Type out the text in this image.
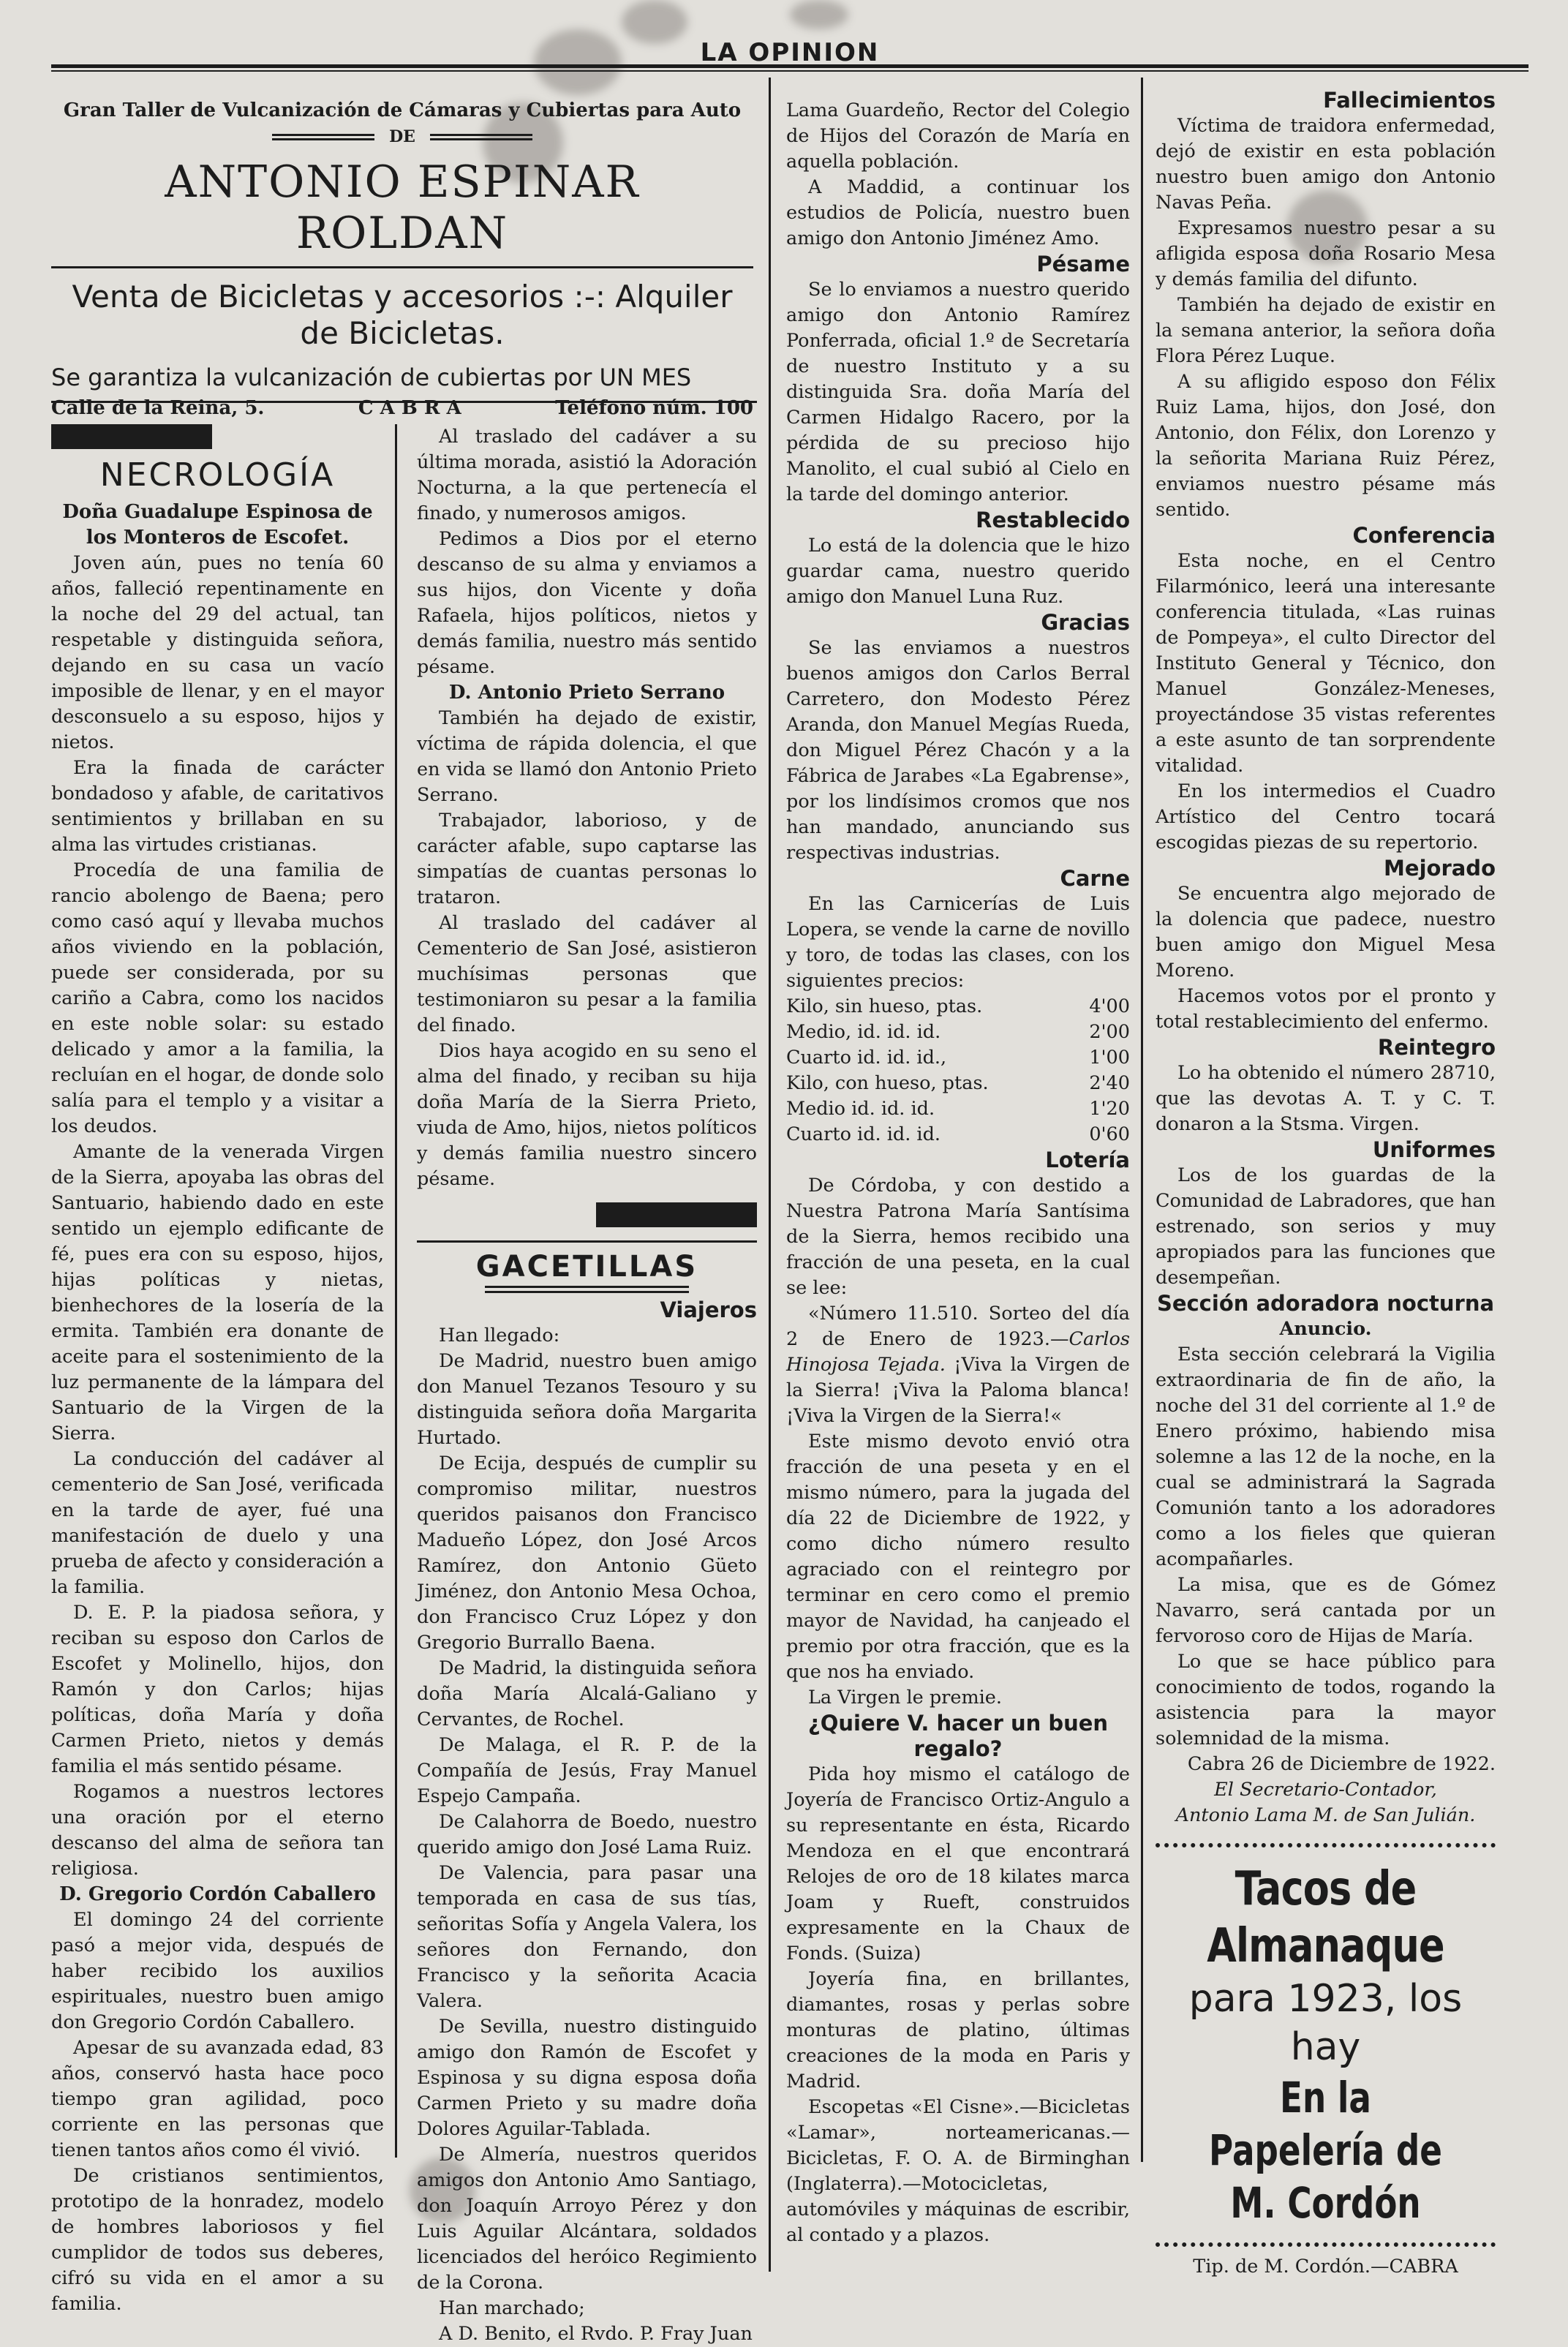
LA OPINION
Gran Taller de Vulcanización de Cámaras y Cubiertas para Auto
DE
ANTONIO ESPINAR ROLDAN
Venta de Bicicletas y accesorios :-: Alquiler de Bicicletas.
Se garantiza la vulcanización de cubiertas por UN MES
Calle de la Reina, 5.	C A B R A	Teléfono núm. 100
NECROLOGÍA

Doña Guadalupe Espinosa de los Monteros de Escofet.

Joven aún, pues no tenía 60 años, falleció repentinamente en la noche del 29 del actual, tan respetable y distinguida señora, dejando en su casa un vacío imposible de llenar, y en el mayor desconsuelo a su esposo, hijos y nietos.

Era la finada de carácter bondadoso y afable, de caritativos sentimientos y brillaban en su alma las virtudes cristianas.

Procedía de una familia de rancio abolengo de Baena; pero como casó aquí y llevaba muchos años viviendo en la población, puede ser considerada, por su cariño a Cabra, como los nacidos en este noble solar: su estado delicado y amor a la familia, la recluían en el hogar, de donde solo salía para el templo y a visitar a los deudos.

Amante de la venerada Virgen de la Sierra, apoyaba las obras del Santuario, habiendo dado en este sentido un ejemplo edificante de fé, pues era con su esposo, hijos, hijas políticas y nietas, bienhechores de la losería de la ermita. También era donante de aceite para el sostenimiento de la luz permanente de la lámpara del Santuario de la Virgen de la Sierra.

La conducción del cadáver al cementerio de San José, verificada en la tarde de ayer, fué una manifestación de duelo y una prueba de afecto y consideración a la familia.

D. E. P. la piadosa señora, y reciban su esposo don Carlos de Escofet y Molinello, hijos, don Ramón y don Carlos; hijas políticas, doña María y doña Carmen Prieto, nietos y demás familia el más sentido pésame.

Rogamos a nuestros lectores una oración por el eterno descanso del alma de señora tan religiosa.

D. Gregorio Cordón Caballero

El domingo 24 del corriente pasó a mejor vida, después de haber recibido los auxilios espirituales, nuestro buen amigo don Gregorio Cordón Caballero.

Apesar de su avanzada edad, 83 años, conservó hasta hace poco tiempo gran agilidad, poco corriente en las personas que tienen tantos años como él vivió.

De cristianos sentimientos, prototipo de la honradez, modelo de hombres laboriosos y fiel cumplidor de todos sus deberes, cifró su vida en el amor a su familia.

Al traslado del cadáver a su última morada, asistió la Adoración Nocturna, a la que pertenecía el finado, y numerosos amigos.

Pedimos a Dios por el eterno descanso de su alma y enviamos a sus hijos, don Vicente y doña Rafaela, hijos políticos, nietos y demás familia, nuestro más sentido pésame.

D. Antonio Prieto Serrano

También ha dejado de existir, víctima de rápida dolencia, el que en vida se llamó don Antonio Prieto Serrano.

Trabajador, laborioso, y de carácter afable, supo captarse las simpatías de cuantas personas lo trataron.

Al traslado del cadáver al Cementerio de San José, asistieron muchísimas personas que testimoniaron su pesar a la familia del finado.

Dios haya acogido en su seno el alma del finado, y reciban su hija doña María de la Sierra Prieto, viuda de Amo, hijos, nietos políticos y demás familia nuestro sincero pésame.

GACETILLAS

Viajeros

Han llegado:

De Madrid, nuestro buen amigo don Manuel Tezanos Tesouro y su distinguida señora doña Margarita Hurtado.

De Ecija, después de cumplir su compromiso militar, nuestros queridos paisanos don Francisco Madueño López, don José Arcos Ramírez, don Antonio Güeto Jiménez, don Antonio Mesa Ochoa, don Francisco Cruz López y don Gregorio Burrallo Baena.

De Madrid, la distinguida señora doña María Alcalá-Galiano y Cervantes, de Rochel.

De Malaga, el R. P. de la Compañía de Jesús, Fray Manuel Espejo Campaña.

De Calahorra de Boedo, nuestro querido amigo don José Lama Ruiz.

De Valencia, para pasar una temporada en casa de sus tías, señoritas Sofía y Angela Valera, los señores don Fernando, don Francisco y la señorita Acacia Valera.

De Sevilla, nuestro distinguido amigo don Ramón de Escofet y Espinosa y su digna esposa doña Carmen Prieto y su madre doña Dolores Aguilar-Tablada.

De Almería, nuestros queridos amigos don Antonio Amo Santiago, don Joaquín Arroyo Pérez y don Luis Aguilar Alcántara, soldados licenciados del heróico Regimiento de la Corona.

Han marchado;

A D. Benito, el Rvdo. P. Fray Juan

Lama Guardeño, Rector del Colegio de Hijos del Corazón de María en aquella población.

A Maddid, a continuar los estudios de Policía, nuestro buen amigo don Antonio Jiménez Amo.

Pésame

Se lo enviamos a nuestro querido amigo don Antonio Ramírez Ponferrada, oficial 1.º de Secretaría de nuestro Instituto y a su distinguida Sra. doña María del Carmen Hidalgo Racero, por la pérdida de su precioso hijo Manolito, el cual subió al Cielo en la tarde del domingo anterior.

Restablecido

Lo está de la dolencia que le hizo guardar cama, nuestro querido amigo don Manuel Luna Ruz.

Gracias

Se las enviamos a nuestros buenos amigos don Carlos Berral Carretero, don Modesto Pérez Aranda, don Manuel Megías Rueda, don Miguel Pérez Chacón y a la Fábrica de Jarabes «La Egabrense», por los lindísimos cromos que nos han mandado, anunciando sus respectivas industrias.

Carne

En las Carnicerías de Luis Lopera, se vende la carne de novillo y toro, de todas las clases, con los siguientes precios:

Kilo, sin hueso, ptas.	4'00
Medio, id. id. id.	2'00
Cuarto id. id. id.,	1'00
Kilo, con hueso, ptas.	2'40
Medio id. id. id.	1'20
Cuarto id. id. id.	0'60

Lotería

De Córdoba, y con destido a Nuestra Patrona María Santísima de la Sierra, hemos recibido una fracción de una peseta, en la cual se lee:

«Número 11.510. Sorteo del día 2 de Enero de 1923.—Carlos Hinojosa Tejada. ¡Viva la Virgen de la Sierra! ¡Viva la Paloma blanca! ¡Viva la Virgen de la Sierra!«

Este mismo devoto envió otra fracción de una peseta y en el mismo número, para la jugada del día 22 de Diciembre de 1922, y como dicho número resulto agraciado con el reintegro por terminar en cero como el premio mayor de Navidad, ha canjeado el premio por otra fracción, que es la que nos ha enviado.

La Virgen le premie.

¿Quiere V. hacer un buen regalo?

Pida hoy mismo el catálogo de Joyería de Francisco Ortiz-Angulo a su representante en ésta, Ricardo Mendoza en el que encontrará Relojes de oro de 18 kilates marca Joam y Rueft, construidos expresamente en la Chaux de Fonds. (Suiza)

Joyería fina, en brillantes, diamantes, rosas y perlas sobre monturas de platino, últimas creaciones de la moda en Paris y Madrid.

Escopetas «El Cisne».—Bicicletas «Lamar», norteamericanas.—Bicicletas, F. O. A. de Birminghan (Inglaterra).—Motocicletas, automóviles y máquinas de escribir, al contado y a plazos.

Fallecimientos

Víctima de traidora enfermedad, dejó de existir en esta población nuestro buen amigo don Antonio Navas Peña.

Expresamos nuestro pesar a su afligida esposa doña Rosario Mesa y demás familia del difunto.

También ha dejado de existir en la semana anterior, la señora doña Flora Pérez Luque.

A su afligido esposo don Félix Ruiz Lama, hijos, don José, don Antonio, don Félix, don Lorenzo y la señorita Mariana Ruiz Pérez, enviamos nuestro pésame más sentido.

Conferencia

Esta noche, en el Centro Filarmónico, leerá una interesante conferencia titulada, «Las ruinas de Pompeya», el culto Director del Instituto General y Técnico, don Manuel González-Meneses, proyectándose 35 vistas referentes a este asunto de tan sorprendente vitalidad.

En los intermedios el Cuadro Artístico del Centro tocará escogidas piezas de su repertorio.

Mejorado

Se encuentra algo mejorado de la dolencia que padece, nuestro buen amigo don Miguel Mesa Moreno.

Hacemos votos por el pronto y total restablecimiento del enfermo.

Reintegro

Lo ha obtenido el número 28710, que las devotas A. T. y C. T. donaron a la Stsma. Virgen.

Uniformes

Los de los guardas de la Comunidad de Labradores, que han estrenado, son serios y muy apropiados para las funciones que desempeñan.

Sección adoradora nocturna

Anuncio.

Esta sección celebrará la Vigilia extraordinaria de fin de año, la noche del 31 del corriente al 1.º de Enero próximo, habiendo misa solemne a las 12 de la noche, en la cual se administrará la Sagrada Comunión tanto a los adoradores como a los fieles que quieran acompañarles.

La misa, que es de Gómez Navarro, será cantada por un fervoroso coro de Hijas de María.

Lo que se hace público para conocimiento de todos, rogando la asistencia para la mayor solemnidad de la misma.

Cabra 26 de Diciembre de 1922.

El Secretario-Contador,

Antonio Lama M. de San Julián.

Tacos de Almanaque
para 1923, los hay
En la Papelería de M. Cordón

Tip. de M. Cordón.—CABRA
